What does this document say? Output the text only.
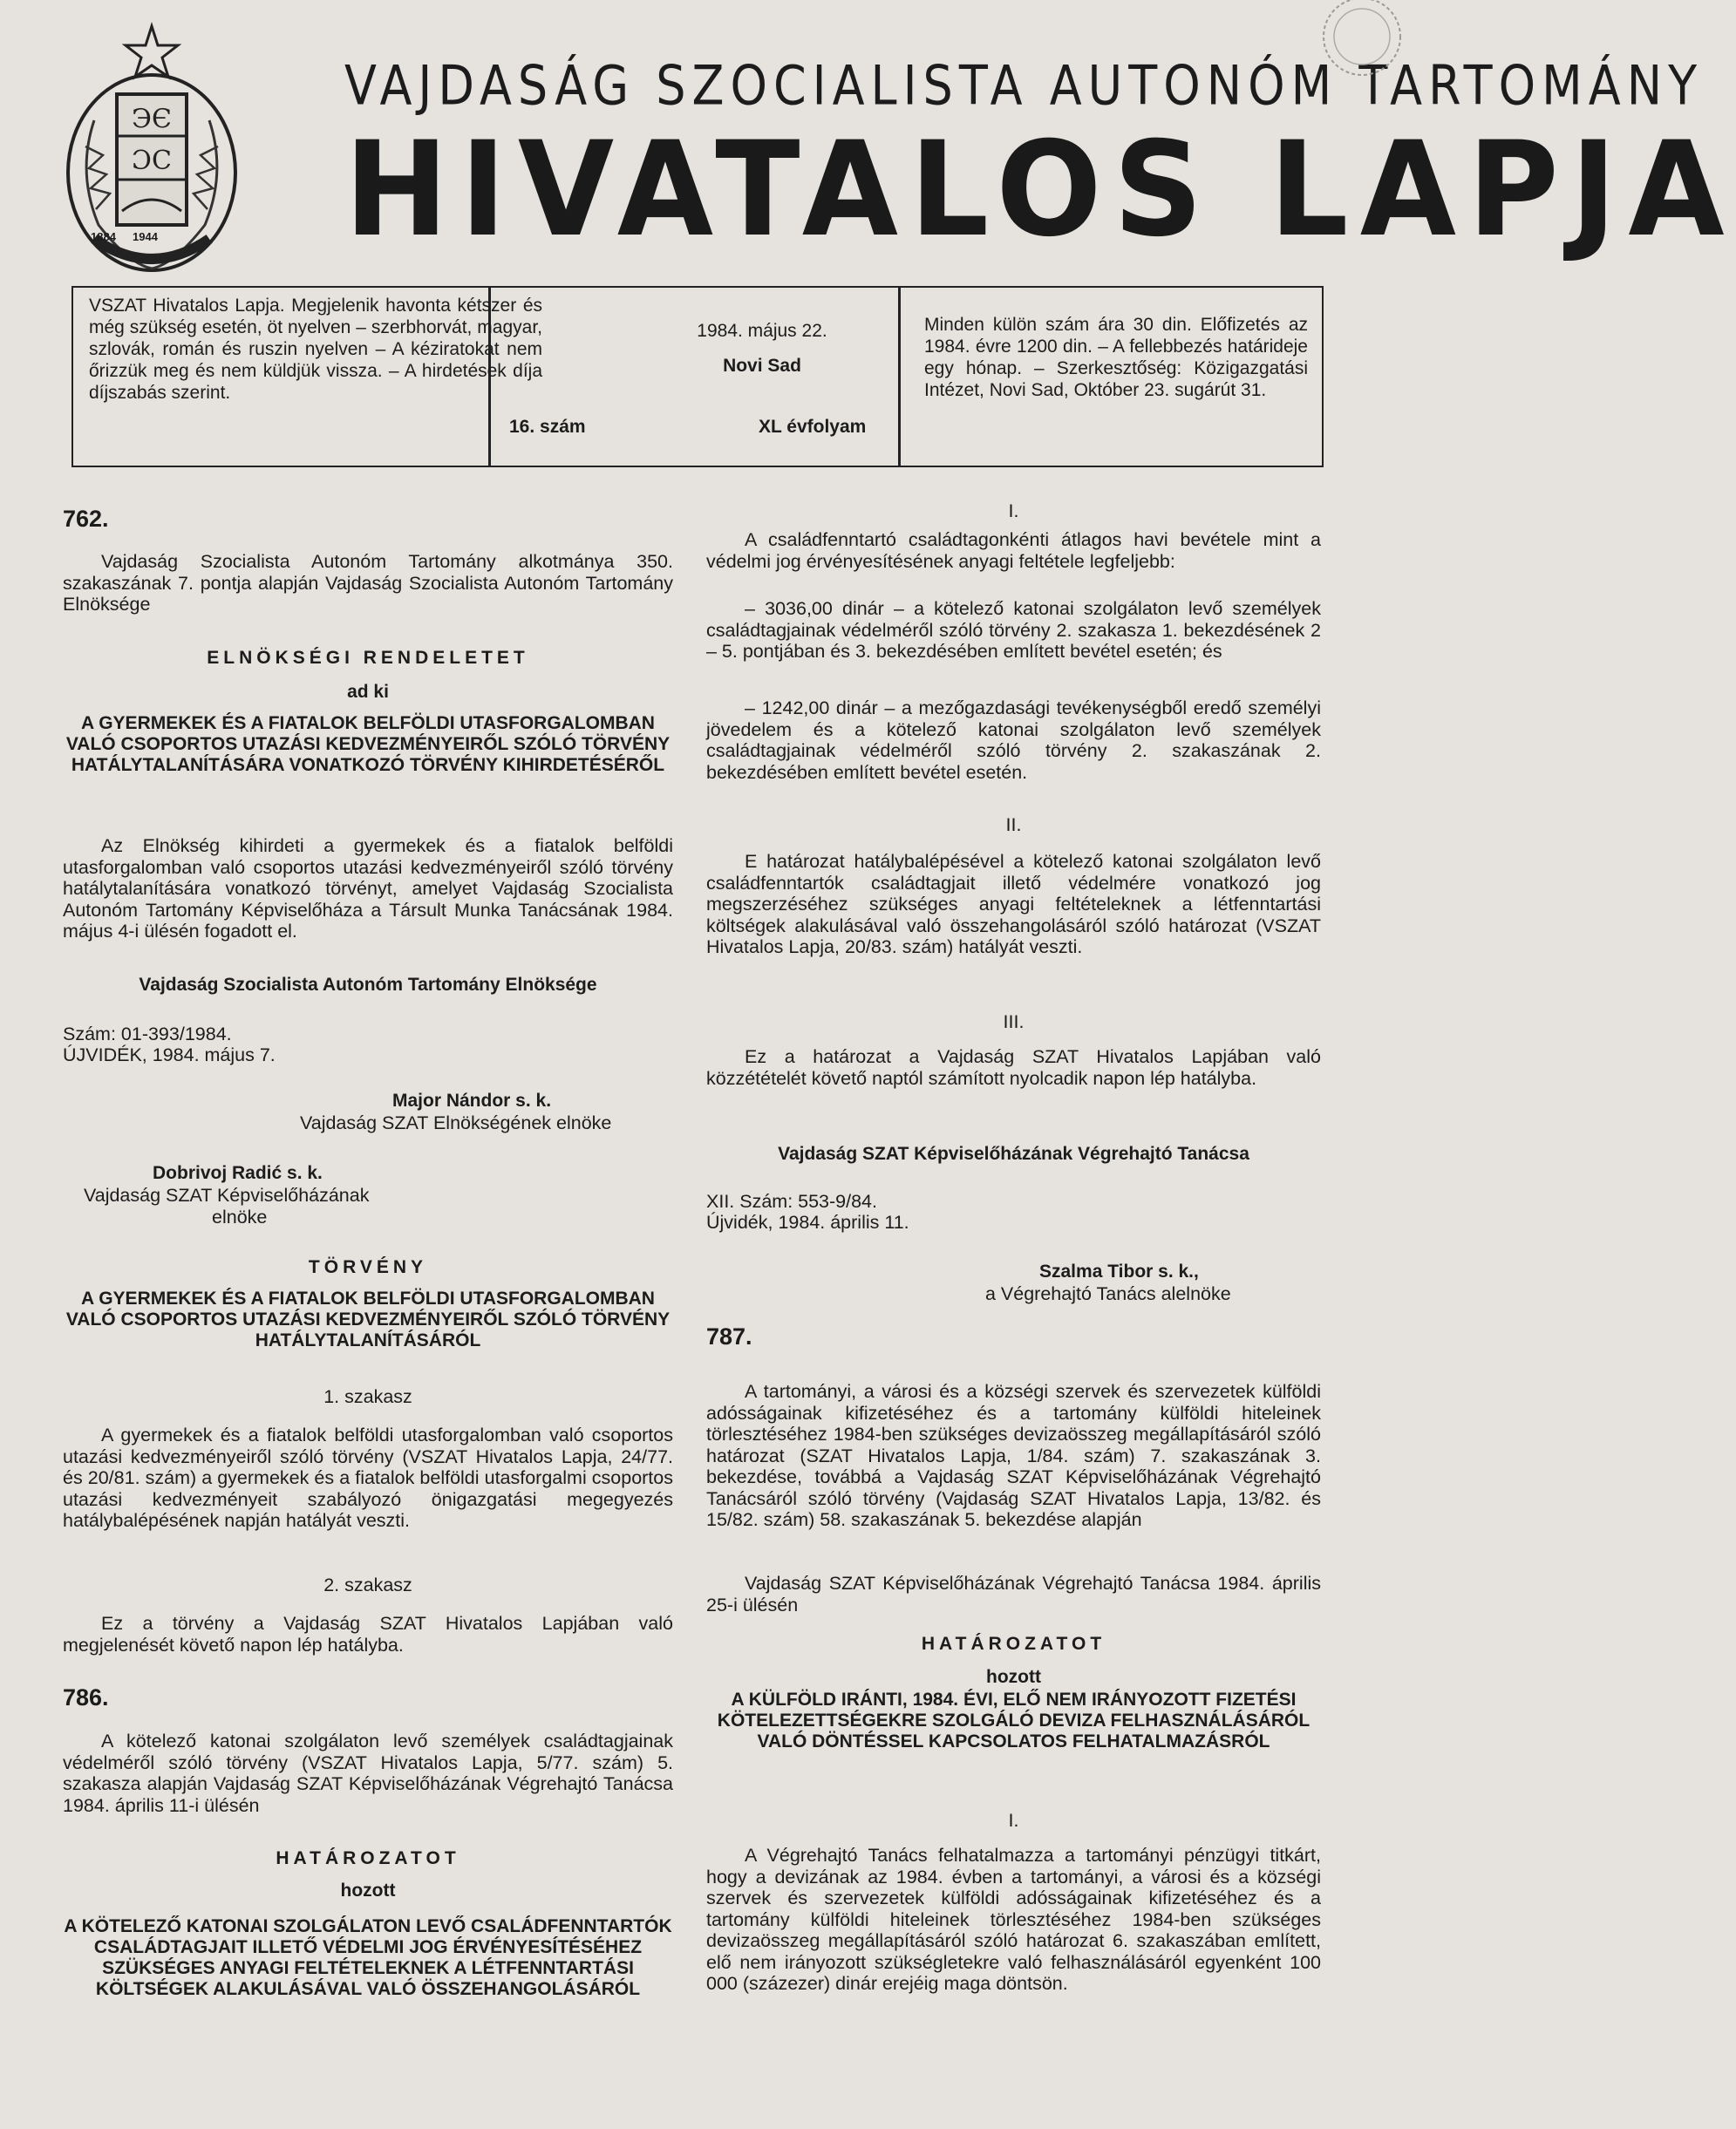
ЭЄ
ƆC
1884 1944
VAJDASÁG SZOCIALISTA AUTONÓM TARTOMÁNY
HIVATALOS LAPJA

VSZAT Hivatalos Lapja. Megjelenik havonta kétszer és még szükség esetén, öt nyelven – szerbhorvát, magyar, szlovák, román és ruszin nyelven – A kéziratokat nem őrizzük meg és nem küldjük vissza. – A hirdetések díja díjszabás szerint.

1984. május 22.
Novi Sad
16. szám	XL évfolyam

Minden külön szám ára 30 din. Előfizetés az 1984. évre 1200 din. – A fellebbezés határideje egy hónap. – Szerkesztőség: Közigazgatási Intézet, Novi Sad, Október 23. sugárút 31.

762.

Vajdaság Szocialista Autonóm Tartomány alkotmánya 350. szakaszának 7. pontja alapján Vajdaság Szocialista Autonóm Tartomány Elnöksége

ELNÖKSÉGI RENDELETET
ad ki

A GYERMEKEK ÉS A FIATALOK BELFÖLDI UTASFORGALOMBAN VALÓ CSOPORTOS UTAZÁSI KEDVEZMÉNYEIRŐL SZÓLÓ TÖRVÉNY HATÁLYTALANÍTÁSÁRA VONATKOZÓ TÖRVÉNY KIHIRDETÉSÉRŐL

Az Elnökség kihirdeti a gyermekek és a fiatalok belföldi utasforgalomban való csoportos utazási kedvezményeiről szóló törvény hatálytalanítására vonatkozó törvényt, amelyet Vajdaság Szocialista Autonóm Tartomány Képviselőháza a Társult Munka Tanácsának 1984. május 4-i ülésén fogadott el.

Vajdaság Szocialista Autonóm Tartomány Elnöksége
Szám: 01-393/1984.
ÚJVIDÉK, 1984. május 7.
Major Nándor s. k.
Vajdaság SZAT Elnökségének elnöke
Dobrivoj Radić s. k.
Vajdaság SZAT Képviselőházának
elnöke
TÖRVÉNY

A GYERMEKEK ÉS A FIATALOK BELFÖLDI UTASFORGALOMBAN VALÓ CSOPORTOS UTAZÁSI KEDVEZMÉNYEIRŐL SZÓLÓ TÖRVÉNY HATÁLYTALANÍTÁSÁRÓL

1. szakasz

A gyermekek és a fiatalok belföldi utasforgalomban való csoportos utazási kedvezményeiről szóló törvény (VSZAT Hivatalos Lapja, 24/77. és 20/81. szám) a gyermekek és a fiatalok belföldi utasforgalmi csoportos utazási kedvezményeit szabályozó önigazgatási megegyezés hatálybalépésének napján hatályát veszti.

2. szakasz

Ez a törvény a Vajdaság SZAT Hivatalos Lapjában való megjelenését követő napon lép hatályba.

786.

A kötelező katonai szolgálaton levő személyek családtagjainak védelméről szóló törvény (VSZAT Hivatalos Lapja, 5/77. szám) 5. szakasza alapján Vajdaság SZAT Képviselőházának Végrehajtó Tanácsa 1984. április 11-i ülésén

HATÁROZATOT
hozott

A KÖTELEZŐ KATONAI SZOLGÁLATON LEVŐ CSALÁDFENNTARTÓK CSALÁDTAGJAIT ILLETŐ VÉDELMI JOG ÉRVÉNYESÍTÉSÉHEZ SZÜKSÉGES ANYAGI FELTÉTELEKNEK A LÉTFENNTARTÁSI KÖLTSÉGEK ALAKULÁSÁVAL VALÓ ÖSSZEHANGOLÁSÁRÓL

I.

A családfenntartó családtagonkénti átlagos havi bevétele mint a védelmi jog érvényesítésének anyagi feltétele legfeljebb:

– 3036,00 dinár – a kötelező katonai szolgálaton levő személyek családtagjainak védelméről szóló törvény 2. szakasza 1. bekezdésének 2 – 5. pontjában és 3. bekezdésében említett bevétel esetén; és

– 1242,00 dinár – a mezőgazdasági tevékenységből eredő személyi jövedelem és a kötelező katonai szolgálaton levő személyek családtagjainak védelméről szóló törvény 2. szakaszának 2. bekezdésében említett bevétel esetén.

II.

E határozat hatálybalépésével a kötelező katonai szolgálaton levő családfenntartók családtagjait illető védelmére vonatkozó jog megszerzéséhez szükséges anyagi feltételeknek a létfenntartási költségek alakulásával való összehangolásáról szóló határozat (VSZAT Hivatalos Lapja, 20/83. szám) hatályát veszti.

III.

Ez a határozat a Vajdaság SZAT Hivatalos Lapjában való közzétételét követő naptól számított nyolcadik napon lép hatályba.

Vajdaság SZAT Képviselőházának Végrehajtó Tanácsa
XII. Szám: 553-9/84.
Újvidék, 1984. április 11.
Szalma Tibor s. k.,
a Végrehajtó Tanács alelnöke
787.

A tartományi, a városi és a községi szervek és szervezetek külföldi adósságainak kifizetéséhez és a tartomány külföldi hiteleinek törlesztéséhez 1984-ben szükséges devizaösszeg megállapításáról szóló határozat (SZAT Hivatalos Lapja, 1/84. szám) 7. szakaszának 3. bekezdése, továbbá a Vajdaság SZAT Képviselőházának Végrehajtó Tanácsáról szóló törvény (Vajdaság SZAT Hivatalos Lapja, 13/82. és 15/82. szám) 58. szakaszának 5. bekezdése alapján

Vajdaság SZAT Képviselőházának Végrehajtó Tanácsa 1984. április 25-i ülésén

HATÁROZATOT
hozott

A KÜLFÖLD IRÁNTI, 1984. ÉVI, ELŐ NEM IRÁNYOZOTT FIZETÉSI KÖTELEZETTSÉGEKRE SZOLGÁLÓ DEVIZA FELHASZNÁLÁSÁRÓL VALÓ DÖNTÉSSEL KAPCSOLATOS FELHATALMAZÁSRÓL

I.

A Végrehajtó Tanács felhatalmazza a tartományi pénzügyi titkárt, hogy a devizának az 1984. évben a tartományi, a városi és a községi szervek és szervezetek külföldi adósságainak kifizetéséhez és a tartomány külföldi hiteleinek törlesztéséhez 1984-ben szükséges devizaösszeg megállapításáról szóló határozat 6. szakaszában említett, elő nem irányozott szükségletekre való felhasználásáról egyenként 100 000 (százezer) dinár erejéig maga döntsön.
